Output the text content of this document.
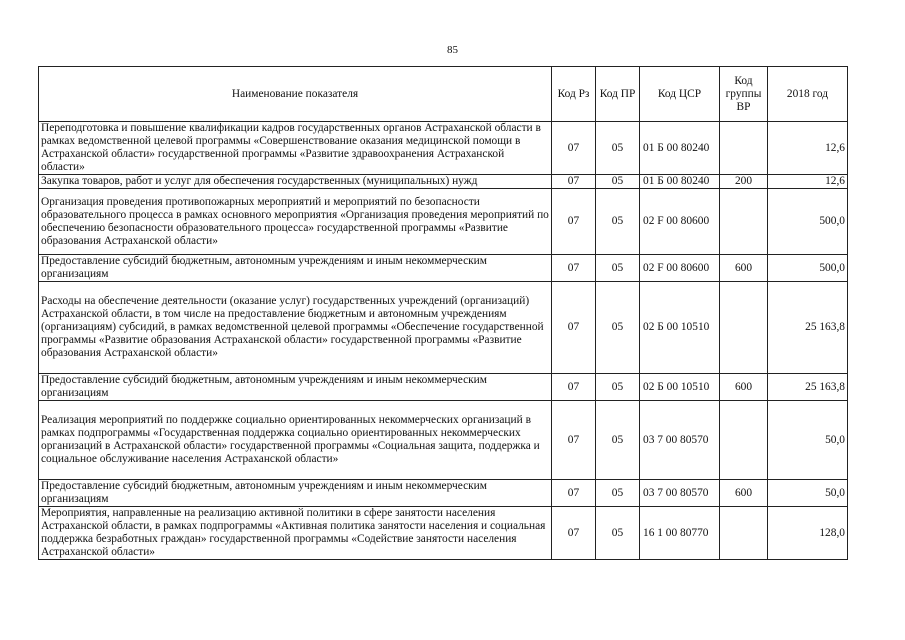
85
Наименование показателя	Код Рз	Код ПР	Код ЦСР	Код группы ВР	2018 год
Переподготовка и повышение квалификации кадров государственных органов Астраханской области в рамках ведомственной целевой программы «Совершенствование оказания медицинской помощи в Астраханской области» государственной программы «Развитие здравоохранения Астраханской области»	07	05	01 Б 00 80240		12,6
Закупка товаров, работ и услуг для обеспечения государственных (муниципальных) нужд	07	05	01 Б 00 80240	200	12,6
Организация проведения противопожарных мероприятий и мероприятий по безопасности образовательного процесса в рамках основного мероприятия «Организация проведения мероприятий по обеспечению безопасности образовательного процесса» государственной программы «Развитие образования Астраханской области»	07	05	02 F 00 80600		500,0
Предоставление субсидий бюджетным, автономным учреждениям и иным некоммерческим организациям	07	05	02 F 00 80600	600	500,0
Расходы на обеспечение деятельности (оказание услуг) государственных учреждений (организаций) Астраханской области, в том числе на предоставление бюджетным и автономным учреждениям (организациям) субсидий, в рамках ведомственной целевой программы «Обеспечение государственной программы «Развитие образования Астраханской области» государственной программы «Развитие образования Астраханской области»	07	05	02 Б 00 10510		25 163,8
Предоставление субсидий бюджетным, автономным учреждениям и иным некоммерческим организациям	07	05	02 Б 00 10510	600	25 163,8
Реализация мероприятий по поддержке социально ориентированных некоммерческих организаций в рамках подпрограммы «Государственная поддержка социально ориентированных некоммерческих организаций в Астраханской области» государственной программы «Социальная защита, поддержка и социальное обслуживание населения Астраханской области»	07	05	03 7 00 80570		50,0
Предоставление субсидий бюджетным, автономным учреждениям и иным некоммерческим организациям	07	05	03 7 00 80570	600	50,0
Мероприятия, направленные на реализацию активной политики в сфере занятости населения Астраханской области, в рамках подпрограммы «Активная политика занятости населения и социальная поддержка безработных граждан» государственной программы «Содействие занятости населения Астраханской области»	07	05	16 1 00 80770		128,0
